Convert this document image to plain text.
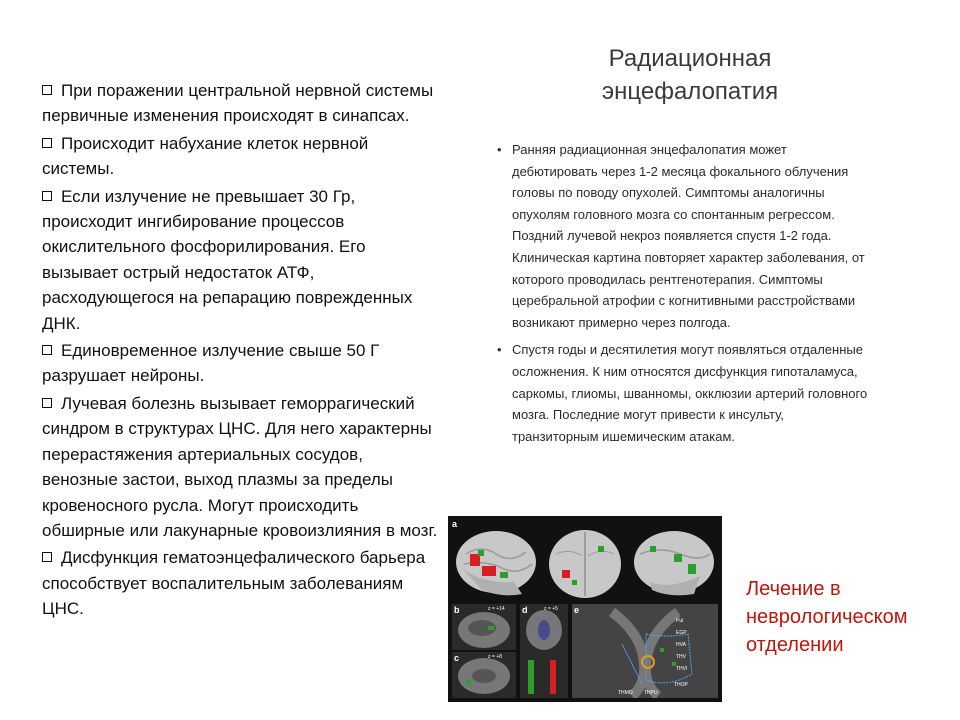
При поражении центральной нервной системы первичные изменения происходят в синапсах.
Происходит набухание клеток нервной системы.
Если излучение не превышает 30 Гр, происходит ингибирование процессов окислительного фосфорилирования. Его вызывает острый недостаток АТФ, расходующегося на репарацию поврежденных ДНК.
Единовременное излучение свыше 50 Г разрушает нейроны.
Лучевая болезнь вызывает геморрагический синдром в структурах ЦНС. Для него характерны перерастяжения артериальных сосудов, венозные застои, выход плазмы за пределы кровеносного русла. Могут происходить обширные или лакунарные кровоизлияния в мозг.
Дисфункция гематоэнцефалического барьера способствует воспалительным заболеваниям ЦНС.
Радиационная энцефалопатия
• Ранняя радиационная энцефалопатия может дебютировать через 1-2 месяца фокального облучения головы по поводу опухолей. Симптомы аналогичны опухолям головного мозга со спонтанным регрессом. Поздний лучевой некроз появляется спустя 1-2 года. Клиническая картина повторяет характер заболевания, от которого проводилась рентгенотерапия. Симптомы церебральной атрофии с когнитивными расстройствами возникают примерно через полгода.
• Спустя годы и десятилетия могут появляться отдаленные осложнения. К ним относятся дисфункция гипоталамуса, саркомы, глиомы, шванномы, окклюзии артерий головного мозга. Последние могут привести к инсульту, транзиторным ишемическим атакам.
Лечение в неврологическом отделении
a
b	z = +14
c	z = +8
d	z = +5 e
Pul
EGP
HVA
THV
THVI
THOP
THMO THPU
